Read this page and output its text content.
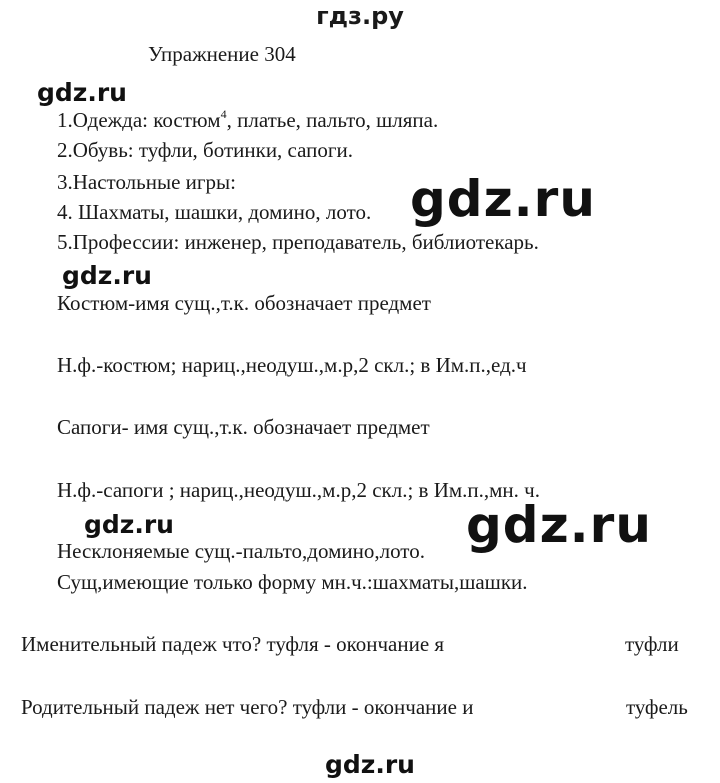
гдз.ру
Упражнение 304
gdz.ru
1.Одежда: костюм$^4$, платье, пальто, шляпа.
2.Обувь: туфли, ботинки, сапоги.
3.Настольные игры:
4. Шахматы, шашки, домино, лото. gdz.ru
5.Профессии: инженер, преподаватель, библиотекарь.
gdz.ru
Костюм-имя сущ.,т.к. обозначает предмет
Н.ф.-костюм; нариц.,неодуш.,м.р,2 скл.; в Им.п.,ед.ч
Сапоги- имя сущ.,т.к. обозначает предмет
Н.ф.-сапоги ; нариц.,неодуш.,м.р,2 скл.; в Им.п.,мн. ч.
gdz.ru	gdz.ru
Несклоняемые сущ.-пальто,домино,лото.
Сущ,имеющие только форму мн.ч.:шахматы,шашки.
Именительный падеж что? туфля - окончание я	туфли
Родительный падеж нет чего? туфли - окончание и	туфель
gdz.ru
